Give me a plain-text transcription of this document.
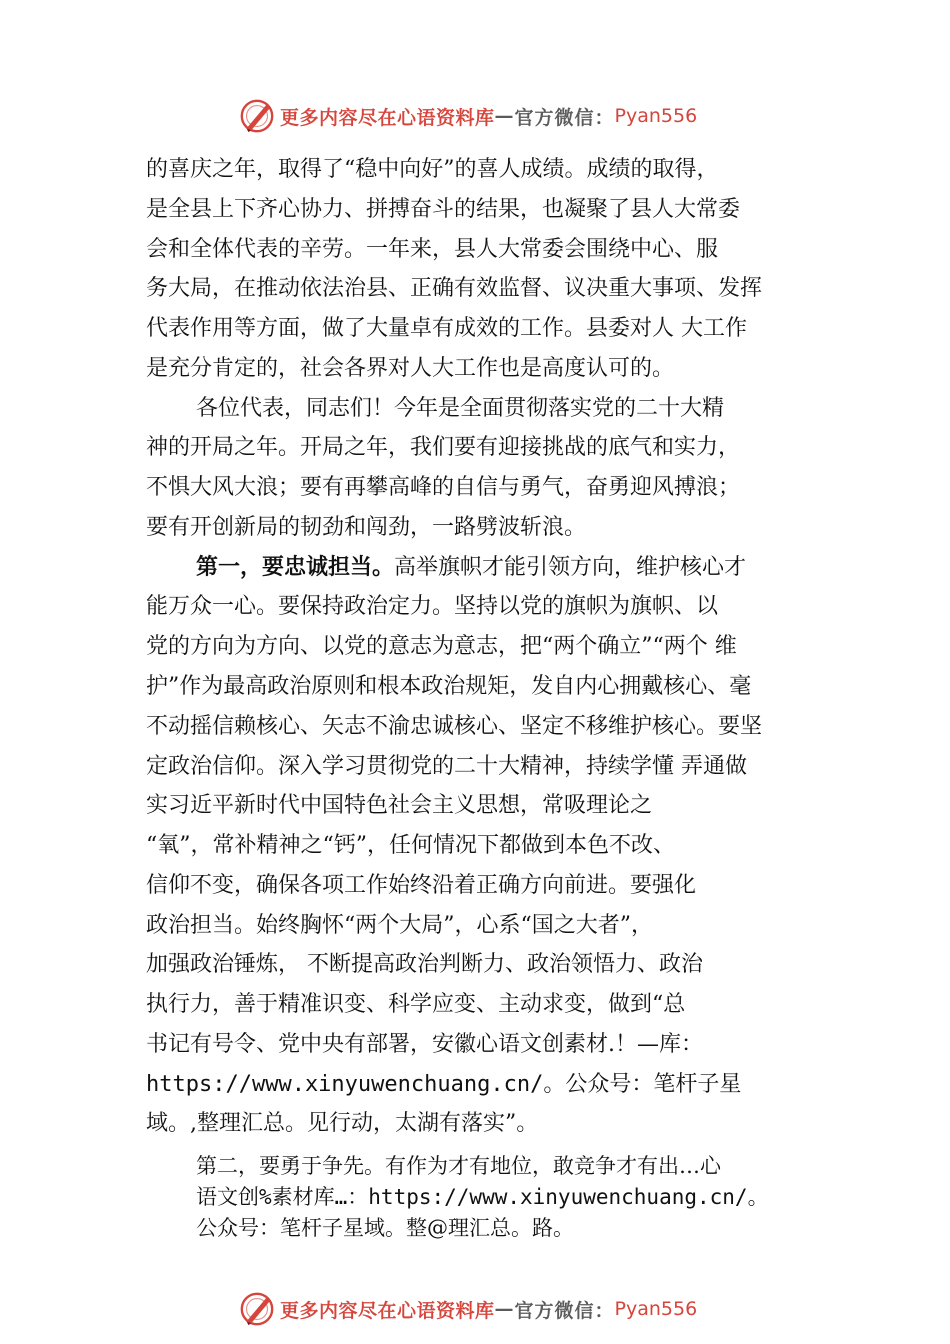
更多内容尽在心语资料库 — 官方微信： Pyan556
的喜庆之年，取得了“稳中向好”的喜人成绩。成绩的取得，
是全县上下齐心协力、拼搏奋斗的结果，也凝聚了县人大常委
会和全体代表的辛劳。一年来，县人大常委会围绕中心、服
务大局，在推动依法治县、正确有效监督、议决重大事项、发挥
代表作用等方面，做了大量卓有成效的工作。县委对人 大工作
是充分肯定的，社会各界对人大工作也是高度认可的。
各位代表，同志们！今年是全面贯彻落实党的二十大精
神的开局之年。开局之年，我们要有迎接挑战的底气和实力，
不惧大风大浪；要有再攀高峰的自信与勇气，奋勇迎风搏浪；
要有开创新局的韧劲和闯劲，一路劈波斩浪。
第一，要忠诚担当。高举旗帜才能引领方向，维护核心才
能万众一心。要保持政治定力。坚持以党的旗帜为旗帜、以
党的方向为方向、以党的意志为意志，把“两个确立”“两个 维
护”作为最高政治原则和根本政治规矩，发自内心拥戴核心、毫
不动摇信赖核心、矢志不渝忠诚核心、坚定不移维护核心。要坚
定政治信仰。深入学习贯彻党的二十大精神，持续学懂 弄通做
实习近平新时代中国特色社会主义思想，常吸理论之
“氧”，常补精神之“钙”，任何情况下都做到本色不改、
信仰不变，确保各项工作始终沿着正确方向前进。要强化
政治担当。始终胸怀“两个大局”，心系“国之大者”，
加强政治锤炼， 不断提高政治判断力、政治领悟力、政治
执行力，善于精准识变、科学应变、主动求变，做到“总
书记有号令、党中央有部署，安徽心语文创素材.！—库：
https://www.xinyuwenchuang.cn/。公众号：笔杆子星
域。,整理汇总。见行动，太湖有落实”。
第二，要勇于争先。有作为才有地位，敢竞争才有出…心
语文创%素材库…：https://www.xinyuwenchuang.cn/。
公众号：笔杆子星域。整@理汇总。路。
更多内容尽在心语资料库 — 官方微信： Pyan556
